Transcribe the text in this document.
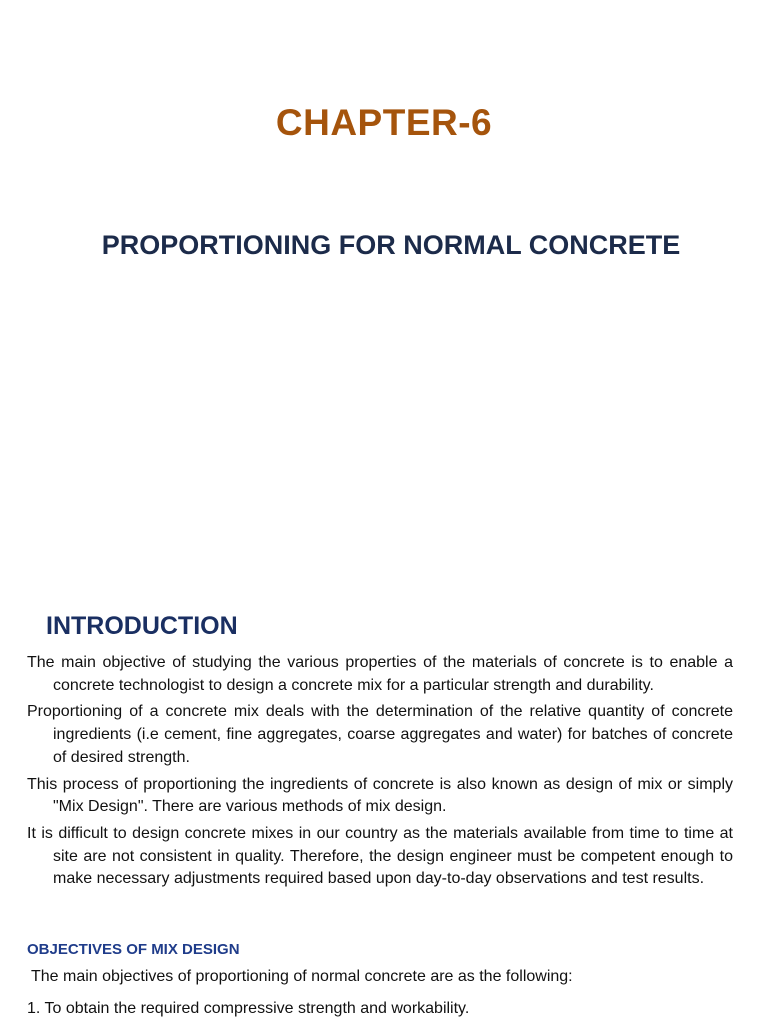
CHAPTER-6
PROPORTIONING FOR NORMAL CONCRETE
INTRODUCTION

The main objective of studying the various properties of the materials of concrete is to enable a concrete technologist to design a concrete mix for a particular strength and durability.

Proportioning of a concrete mix deals with the determination of the relative quantity of concrete ingredients (i.e cement, fine aggregates, coarse aggregates and water) for batches of concrete of desired strength.

This process of proportioning the ingredients of concrete is also known as design of mix or simply "Mix Design". There are various methods of mix design.

It is difficult to design concrete mixes in our country as the materials available from time to time at site are not consistent in quality. Therefore, the design engineer must be competent enough to make necessary adjustments required based upon day-to-day observations and test results.

OBJECTIVES OF MIX DESIGN
The main objectives of proportioning of normal concrete are as the following:
1. To obtain the required compressive strength and workability.
